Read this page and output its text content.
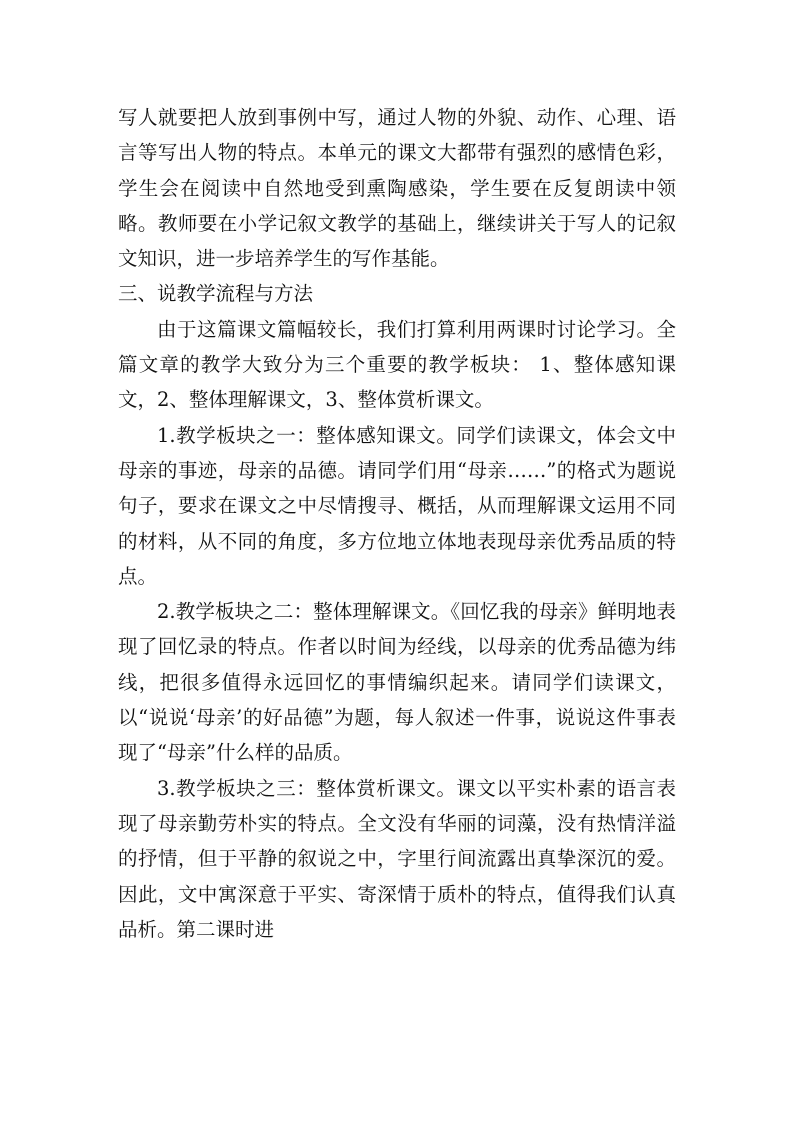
写人就要把人放到事例中写，通过人物的外貌、动作、心理、语言等写出人物的特点。本单元的课文大都带有强烈的感情色彩，学生会在阅读中自然地受到熏陶感染，学生要在反复朗读中领略。教师要在小学记叙文教学的基础上，继续讲关于写人的记叙文知识，进一步培养学生的写作基能。

三、说教学流程与方法

由于这篇课文篇幅较长，我们打算利用两课时讨论学习。全篇文章的教学大致分为三个重要的教学板块： 1、整体感知课文，2、整体理解课文，3、整体赏析课文。

1.教学板块之一：整体感知课文。同学们读课文，体会文中母亲的事迹，母亲的品德。请同学们用“母亲……”的格式为题说句子，要求在课文之中尽情搜寻、概括，从而理解课文运用不同的材料，从不同的角度，多方位地立体地表现母亲优秀品质的特点。

2.教学板块之二：整体理解课文。《回忆我的母亲》鲜明地表现了回忆录的特点。作者以时间为经线，以母亲的优秀品德为纬线，把很多值得永远回忆的事情编织起来。请同学们读课文，以“说说‘母亲’的好品德”为题，每人叙述一件事，说说这件事表现了“母亲”什么样的品质。

3.教学板块之三：整体赏析课文。课文以平实朴素的语言表现了母亲勤劳朴实的特点。全文没有华丽的词藻，没有热情洋溢的抒情，但于平静的叙说之中，字里行间流露出真挚深沉的爱。因此，文中寓深意于平实、寄深情于质朴的特点，值得我们认真品析。第二课时进
